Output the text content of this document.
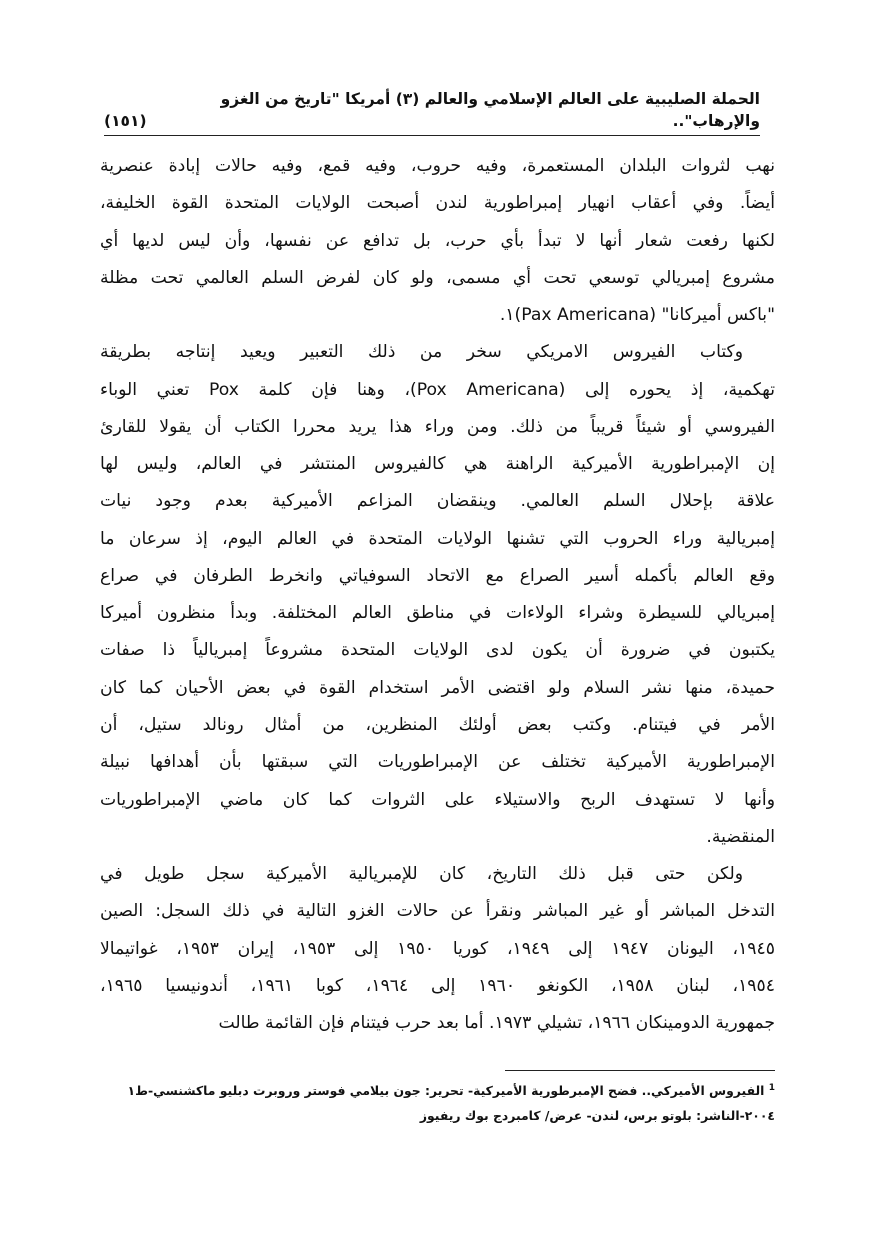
الحملة الصليبية على العالم الإسلامي والعالم (٣) أمريكا "تاريخ من الغزو والإرهاب"..
(١٥١)
نهب لثروات البلدان المستعمرة، وفيه حروب، وفيه قمع، وفيه حالات إبادة عنصرية
أيضاً. وفي أعقاب انهيار إمبراطورية لندن أصبحت الولايات المتحدة القوة الخليفة،
لكنها رفعت شعار أنها لا تبدأ بأي حرب، بل تدافع عن نفسها، وأن ليس لديها أي
مشروع إمبريالي توسعي تحت أي مسمى، ولو كان لفرض السلم العالمي تحت مظلة
"باكس أميركانا" (Pax Americana)١.
وكتاب الفيروس الامريكي سخر من ذلك التعبير ويعيد إنتاجه بطريقة
تهكمية، إذ يحوره إلى (Pox Americana)، وهنا فإن كلمة Pox تعني الوباء
الفيروسي أو شيئاً قريباً من ذلك. ومن وراء هذا يريد محررا الكتاب أن يقولا للقارئ
إن الإمبراطورية الأميركية الراهنة هي كالفيروس المنتشر في العالم، وليس لها
علاقة بإحلال السلم العالمي. وينقضان المزاعم الأميركية بعدم وجود نيات
إمبريالية وراء الحروب التي تشنها الولايات المتحدة في العالم اليوم، إذ سرعان ما
وقع العالم بأكمله أسير الصراع مع الاتحاد السوفياتي وانخرط الطرفان في صراع
إمبريالي للسيطرة وشراء الولاءات في مناطق العالم المختلفة. وبدأ منظرون أميركا
يكتبون في ضرورة أن يكون لدى الولايات المتحدة مشروعاً إمبريالياً ذا صفات
حميدة، منها نشر السلام ولو اقتضى الأمر استخدام القوة في بعض الأحيان كما كان
الأمر في فيتنام. وكتب بعض أولئك المنظرين، من أمثال رونالد ستيل، أن
الإمبراطورية الأميركية تختلف عن الإمبراطوريات التي سبقتها بأن أهدافها نبيلة
وأنها لا تستهدف الربح والاستيلاء على الثروات كما كان ماضي الإمبراطوريات
المنقضية.
ولكن حتى قبل ذلك التاريخ، كان للإمبريالية الأميركية سجل طويل في
التدخل المباشر أو غير المباشر ونقرأ عن حالات الغزو التالية في ذلك السجل: الصين
١٩٤٥، اليونان ١٩٤٧ إلى ١٩٤٩، كوريا ١٩٥٠ إلى ١٩٥٣، إيران ١٩٥٣، غواتيمالا
١٩٥٤، لبنان ١٩٥٨، الكونغو ١٩٦٠ إلى ١٩٦٤، كوبا ١٩٦١، أندونيسيا ١٩٦٥،
جمهورية الدومينكان ١٩٦٦، تشيلي ١٩٧٣. أما بعد حرب فيتنام فإن القائمة طالت
$^1$ الفيروس الأميركي.. فضح الإمبرطورية الأميركية- تحرير: جون بيلامي فوستر وروبرت دبليو ماكشنسي-ط١
٢٠٠٤-الناشر: بلوتو برس، لندن- عرض/ كامبردج بوك ريفيوز
